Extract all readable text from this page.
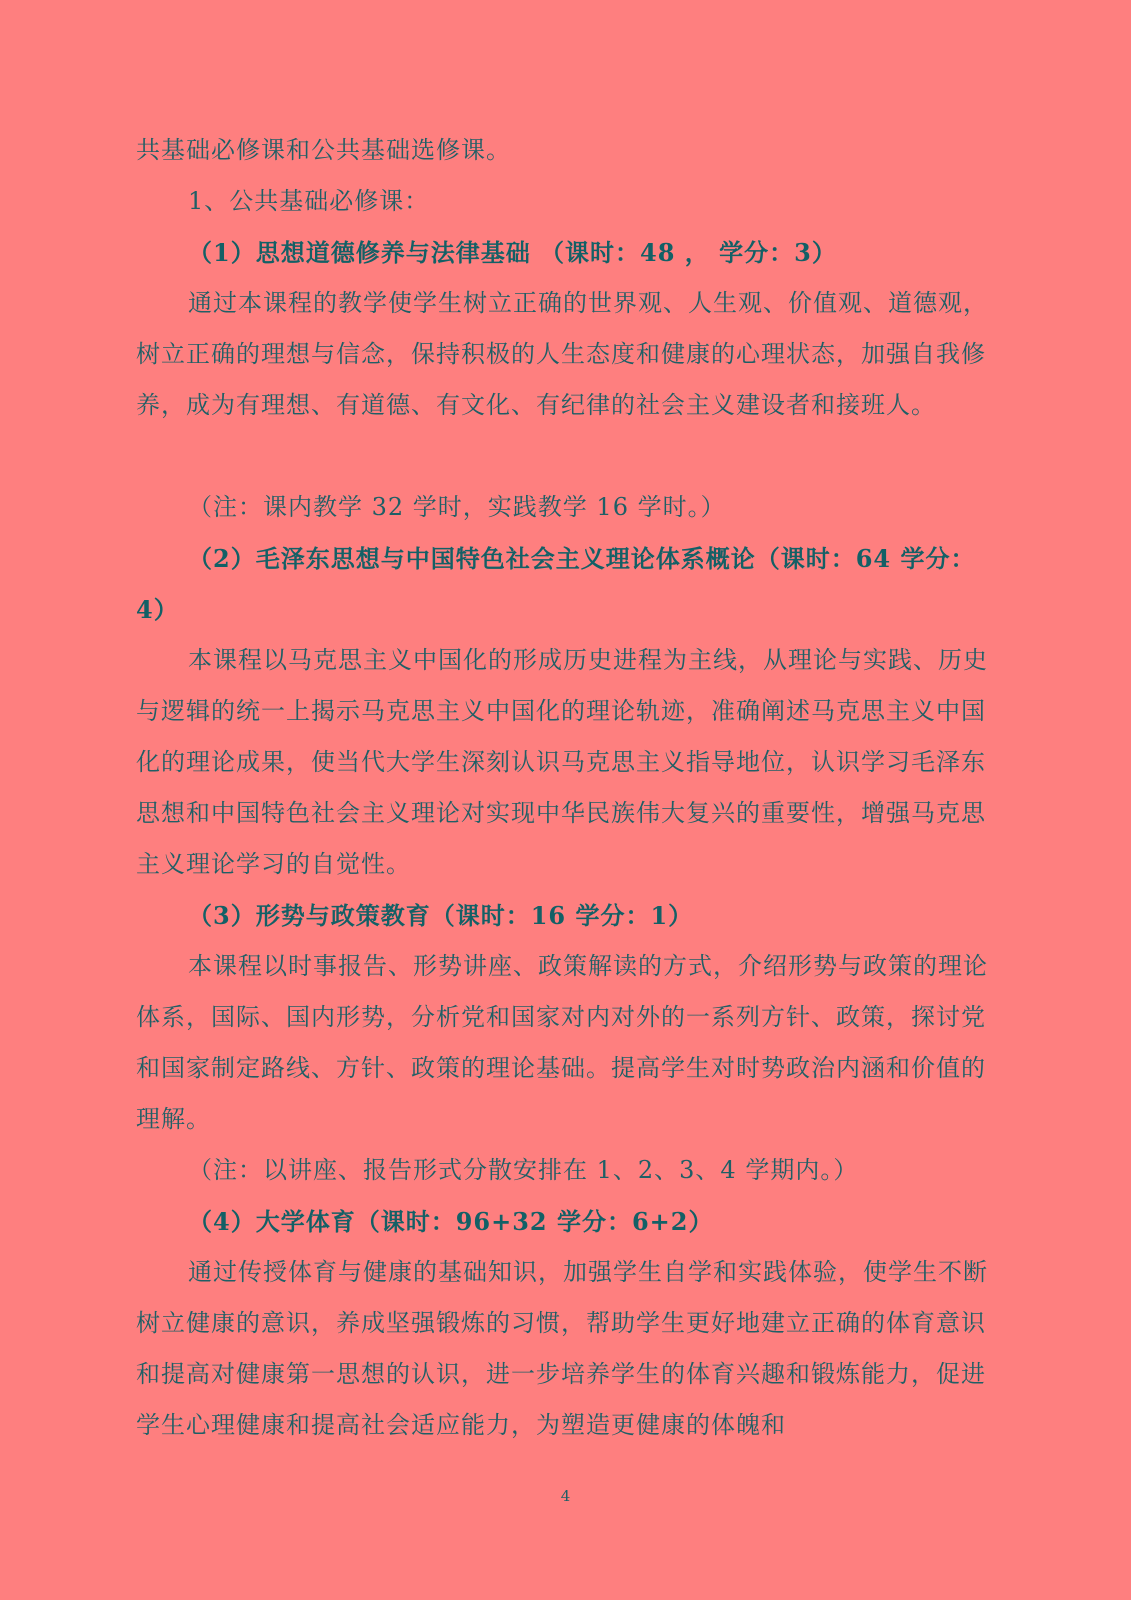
共基础必修课和公共基础选修课。

1、公共基础必修课：

（1）思想道德修养与法律基础 （课时：48 ， 学分：3）

通过本课程的教学使学生树立正确的世界观、人生观、价值观、道德观，树立正确的理想与信念，保持积极的人生态度和健康的心理状态，加强自我修养，成为有理想、有道德、有文化、有纪律的社会主义建设者和接班人。

（注：课内教学 32 学时，实践教学 16 学时。）

（2）毛泽东思想与中国特色社会主义理论体系概论（课时：64 学分：4）

本课程以马克思主义中国化的形成历史进程为主线，从理论与实践、历史与逻辑的统一上揭示马克思主义中国化的理论轨迹，准确阐述马克思主义中国化的理论成果，使当代大学生深刻认识马克思主义指导地位，认识学习毛泽东思想和中国特色社会主义理论对实现中华民族伟大复兴的重要性，增强马克思主义理论学习的自觉性。

（3）形势与政策教育（课时：16 学分：1）

本课程以时事报告、形势讲座、政策解读的方式，介绍形势与政策的理论体系，国际、国内形势，分析党和国家对内对外的一系列方针、政策，探讨党和国家制定路线、方针、政策的理论基础。提高学生对时势政治内涵和价值的理解。

（注：以讲座、报告形式分散安排在 1、2、3、4 学期内。）

（4）大学体育（课时：96+32 学分：6+2）

通过传授体育与健康的基础知识，加强学生自学和实践体验，使学生不断树立健康的意识，养成坚强锻炼的习惯，帮助学生更好地建立正确的体育意识和提高对健康第一思想的认识，进一步培养学生的体育兴趣和锻炼能力，促进学生心理健康和提高社会适应能力，为塑造更健康的体魄和

4
